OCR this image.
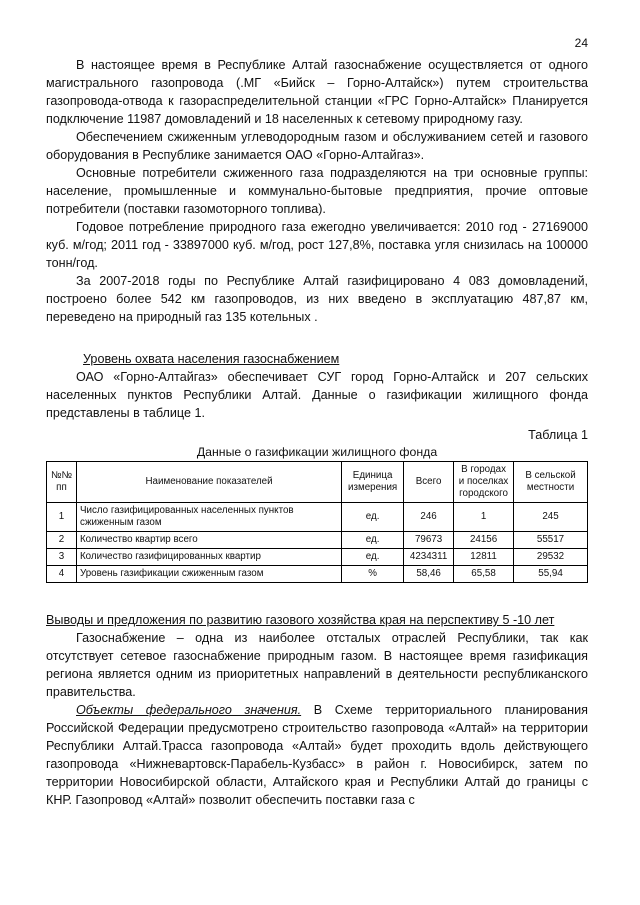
24

В настоящее время в Республике Алтай газоснабжение осуществляется от одного магистрального газопровода (.МГ «Бийск – Горно-Алтайск») путем строительства газопровода-отвода к газораспределительной станции «ГРС Горно-Алтайск» Планируется подключение 11987 домовладений и 18 населенных к сетевому природному газу.

Обеспечением сжиженным углеводородным газом и обслуживанием сетей и газового оборудования в Республике занимается ОАО «Горно-Алтайгаз».

Основные потребители сжиженного газа подразделяются на три основные группы: население, промышленные и коммунально-бытовые предприятия, прочие оптовые потребители (поставки газомоторного топлива).

Годовое потребление природного газа ежегодно увеличивается: 2010 год - 27169000 куб. м/год; 2011 год - 33897000 куб. м/год, рост 127,8%, поставка угля снизилась на 100000 тонн/год.

За 2007-2018 годы по Республике Алтай газифицировано 4 083 домовладений, построено более 542 км газопроводов, из них введено в эксплуатацию 487,87 км, переведено на природный газ 135 котельных .

Уровень охвата населения газоснабжением

ОАО «Горно-Алтайгаз» обеспечивает СУГ город Горно-Алтайск и 207 сельских населенных пунктов Республики Алтай. Данные о газификации жилищного фонда представлены в таблице 1.

Таблица 1
Данные о газификации жилищного фонда
№№ пп	Наименование показателей	Единица измерения	Всего	В городах и поселках городского	В сельской местности
1	Число газифицированных населенных пунктов сжиженным газом	ед.	246	1	245
2	Количество квартир всего	ед.	79673	24156	55517
3	Количество газифицированных квартир	ед.	4234311	12811	29532
4	Уровень газификации сжиженным газом	%	58,46	65,58	55,94

Выводы и предложения по развитию газового хозяйства края на перспективу 5 -10 лет

Газоснабжение – одна из наиболее отсталых отраслей Республики, так как отсутствует сетевое газоснабжение природным газом. В настоящее время газификация региона является одним из приоритетных направлений в деятельности республиканского правительства.

Объекты федерального значения. В Схеме территориального планирования Российской Федерации предусмотрено строительство газопровода «Алтай» на территории Республики Алтай.Трасса газопровода «Алтай» будет проходить вдоль действующего газопровода «Нижневартовск-Парабель-Кузбасс» в район г. Новосибирск, затем по территории Новосибирской области, Алтайского края и Республики Алтай до границы с КНР. Газопровод «Алтай» позволит обеспечить поставки газа с
